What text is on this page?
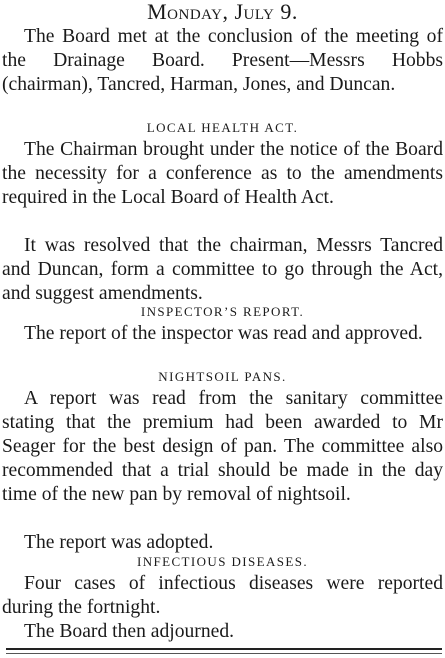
Monday, July 9.

The Board met at the conclusion of the meeting of the Drainage Board. Present—Messrs Hobbs (chairman), Tancred, Harman, Jones, and Duncan.

LOCAL HEALTH ACT.

The Chairman brought under the notice of the Board the necessity for a conference as to the amendments required in the Local Board of Health Act.

It was resolved that the chairman, Messrs Tancred and Duncan, form a committee to go through the Act, and suggest amendments.

INSPECTOR’S REPORT.

The report of the inspector was read and approved.

NIGHTSOIL PANS.

A report was read from the sanitary committee stating that the premium had been awarded to Mr Seager for the best design of pan. The committee also recommended that a trial should be made in the day time of the new pan by removal of nightsoil.

The report was adopted.

INFECTIOUS DISEASES.

Four cases of infectious diseases were reported during the fortnight.

The Board then adjourned.
